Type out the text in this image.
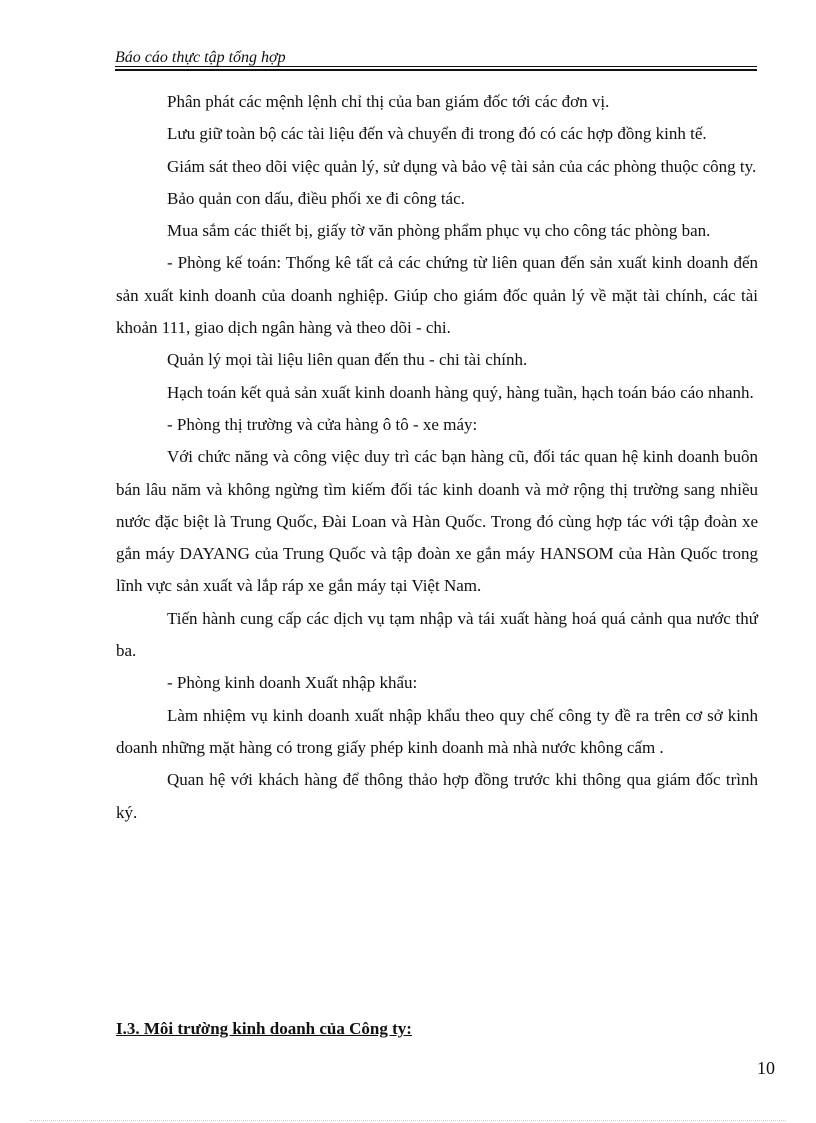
Báo cáo thực tập tổng hợp

Phân phát các mệnh lệnh chỉ thị của ban giám đốc tới các đơn vị.

Lưu giữ toàn bộ các tài liệu đến và chuyển đi trong đó có các hợp đồng kinh tế.

Giám sát theo dõi việc quản lý, sử dụng và bảo vệ tài sản của các phòng thuộc công ty.

Bảo quản con dấu, điều phối xe đi công tác.

Mua sắm các thiết bị, giấy tờ văn phòng phẩm phục vụ cho công tác phòng ban.

- Phòng kế toán: Thống kê tất cả các chứng từ liên quan đến sản xuất kinh doanh đến sản xuất kinh doanh của doanh nghiệp. Giúp cho giám đốc quản lý về mặt tài chính, các tài khoản 111, giao dịch ngân hàng và theo dõi - chi.

Quản lý mọi tài liệu liên quan đến thu - chi tài chính.

Hạch toán kết quả sản xuất kinh doanh hàng quý, hàng tuần, hạch toán báo cáo nhanh.

- Phòng thị trường và cửa hàng ô tô - xe máy:

Với chức năng và công việc duy trì các bạn hàng cũ, đối tác quan hệ kinh doanh buôn bán lâu năm và không ngừng tìm kiếm đối tác kinh doanh và mở rộng thị trường sang nhiều nước đặc biệt là Trung Quốc, Đài Loan và Hàn Quốc. Trong đó cùng hợp tác với tập đoàn xe gắn máy DAYANG của Trung Quốc và tập đoàn xe gắn máy HANSOM của Hàn Quốc trong lĩnh vực sản xuất và lắp ráp xe gắn máy tại Việt Nam.

Tiến hành cung cấp các dịch vụ tạm nhập và tái xuất hàng hoá quá cảnh qua nước thứ ba.

- Phòng kinh doanh Xuất nhập khẩu:

Làm nhiệm vụ kinh doanh xuất nhập khẩu theo quy chế công ty đề ra trên cơ sở kinh doanh những mặt hàng có trong giấy phép kinh doanh mà nhà nước không cấm .

Quan hệ với khách hàng để thông thảo hợp đồng trước khi thông qua giám đốc trình ký.

I.3. Môi trường kinh doanh của Công ty:
10
